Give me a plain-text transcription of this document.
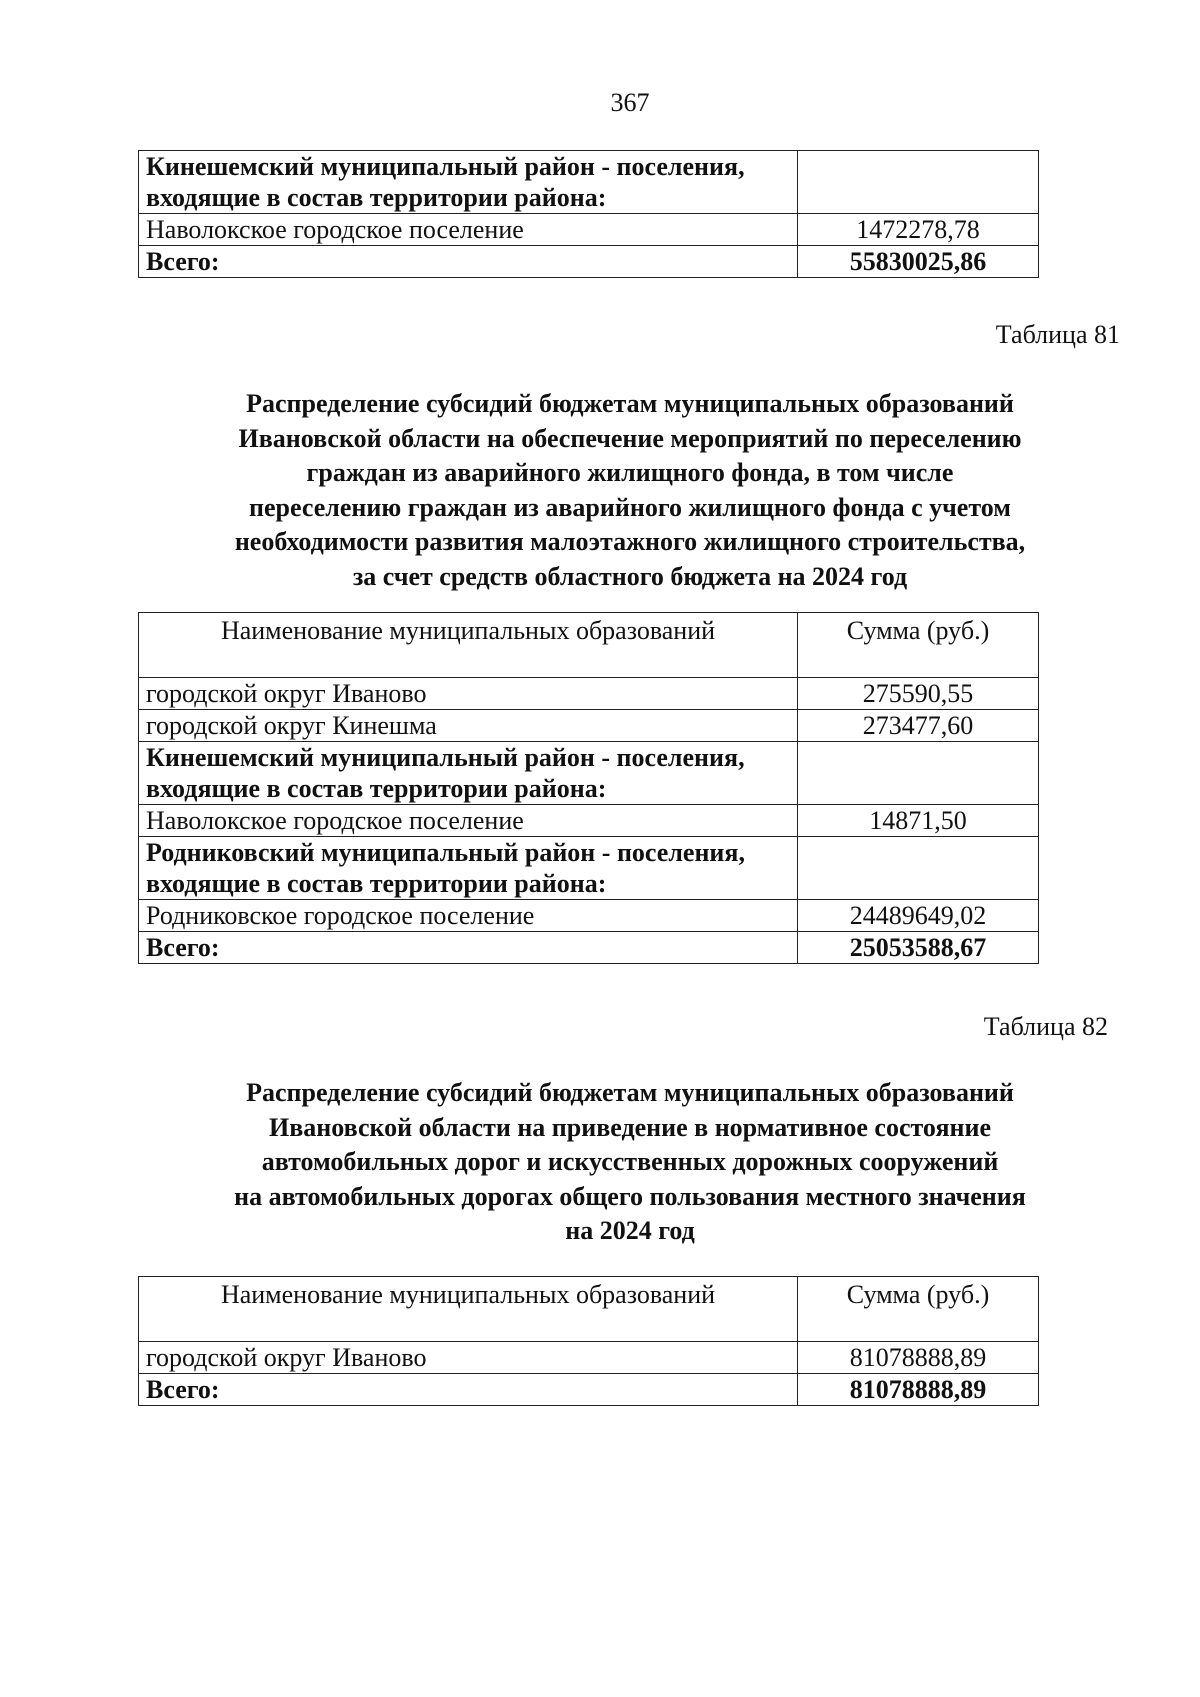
367
Кинешемский муниципальный район - поселения,
входящие в состав территории района:	
Наволокское городское поселение	1472278,78
Всего:	55830025,86
Таблица 81
Распределение субсидий бюджетам муниципальных образований
Ивановской области на обеспечение мероприятий по переселению
граждан из аварийного жилищного фонда, в том числе
переселению граждан из аварийного жилищного фонда с учетом
необходимости развития малоэтажного жилищного строительства,
за счет средств областного бюджета на 2024 год
Наименование муниципальных образований	Сумма (руб.)
городской округ Иваново	275590,55
городской округ Кинешма	273477,60
Кинешемский муниципальный район - поселения,
входящие в состав территории района:	
Наволокское городское поселение	14871,50
Родниковский муниципальный район - поселения,
входящие в состав территории района:	
Родниковское городское поселение	24489649,02
Всего:	25053588,67
Таблица 82
Распределение субсидий бюджетам муниципальных образований
Ивановской области на приведение в нормативное состояние
автомобильных дорог и искусственных дорожных сооружений
на автомобильных дорогах общего пользования местного значения
на 2024 год
Наименование муниципальных образований	Сумма (руб.)
городской округ Иваново	81078888,89
Всего:	81078888,89
